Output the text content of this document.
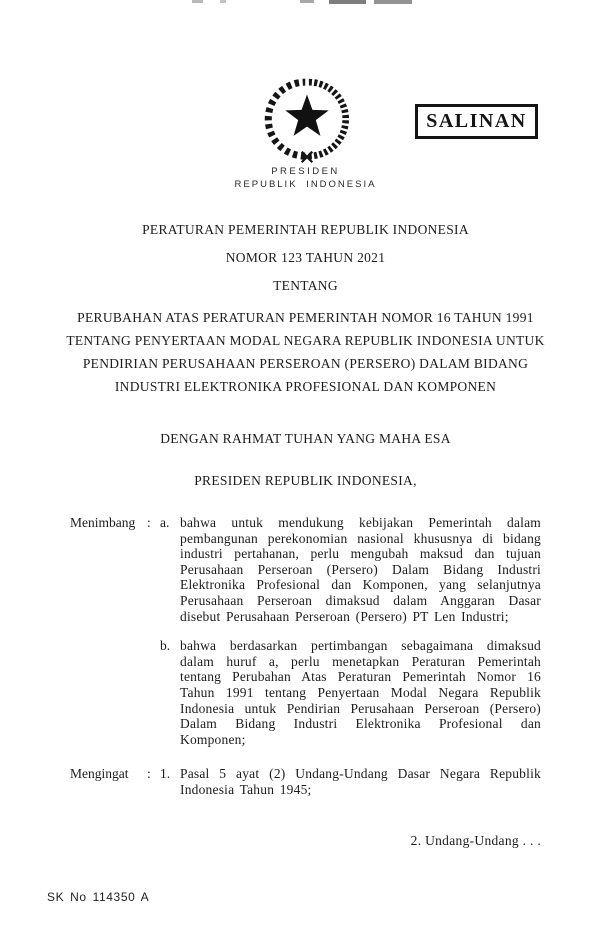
PRESIDEN
REPUBLIK INDONESIA
SALINAN
PERATURAN PEMERINTAH REPUBLIK INDONESIA
NOMOR 123 TAHUN 2021
TENTANG
PERUBAHAN ATAS PERATURAN PEMERINTAH NOMOR 16 TAHUN 1991
TENTANG PENYERTAAN MODAL NEGARA REPUBLIK INDONESIA UNTUK
PENDIRIAN PERUSAHAAN PERSEROAN (PERSERO) DALAM BIDANG
INDUSTRI ELEKTRONIKA PROFESIONAL DAN KOMPONEN
DENGAN RAHMAT TUHAN YANG MAHA ESA
PRESIDEN REPUBLIK INDONESIA,
Menimbang : a. bahwa untuk mendukung kebijakan Pemerintah dalam pembangunan perekonomian nasional khususnya di bidang industri pertahanan, perlu mengubah maksud dan tujuan Perusahaan Perseroan (Persero) Dalam Bidang Industri Elektronika Profesional dan Komponen, yang selanjutnya Perusahaan Perseroan dimaksud dalam Anggaran Dasar disebut Perusahaan Perseroan (Persero) PT Len Industri;
b. bahwa berdasarkan pertimbangan sebagaimana dimaksud dalam huruf a, perlu menetapkan Peraturan Pemerintah tentang Perubahan Atas Peraturan Pemerintah Nomor 16 Tahun 1991 tentang Penyertaan Modal Negara Republik Indonesia untuk Pendirian Perusahaan Perseroan (Persero) Dalam Bidang Industri Elektronika Profesional dan Komponen;
Mengingat	: 1. Pasal 5 ayat (2) Undang-Undang Dasar Negara Republik Indonesia Tahun 1945;
2. Undang-Undang . . .
SK No 114350 A
